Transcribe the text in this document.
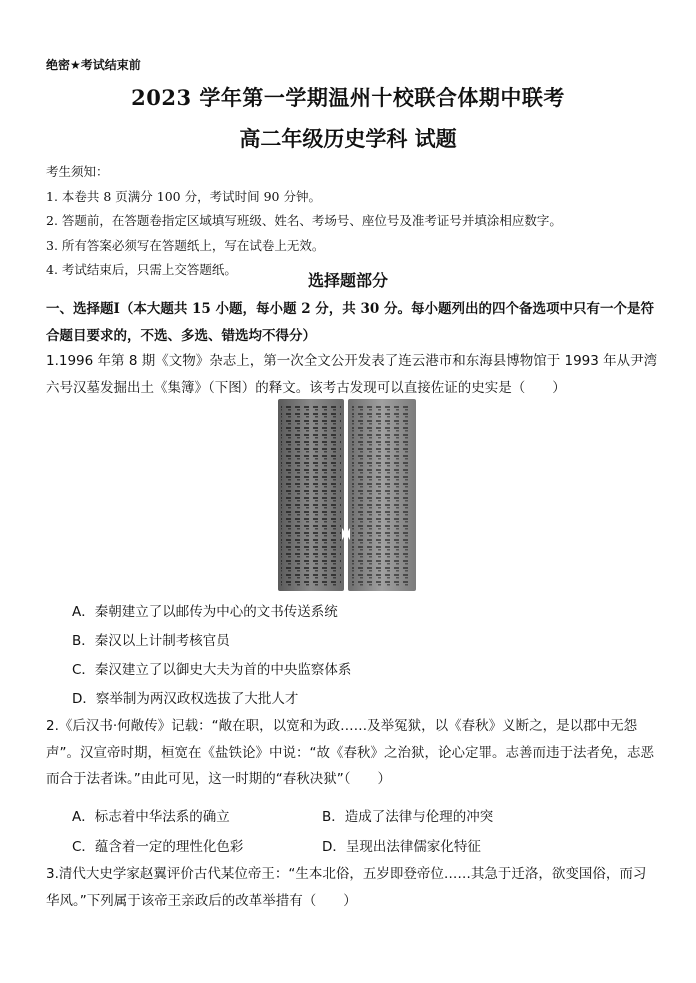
绝密★考试结束前
2023 学年第一学期温州十校联合体期中联考
高二年级历史学科 试题
考生须知：
1. 本卷共 8 页满分 100 分，考试时间 90 分钟。
2. 答题前，在答题卷指定区域填写班级、姓名、考场号、座位号及准考证号并填涂相应数字。
3. 所有答案必须写在答题纸上，写在试卷上无效。
4. 考试结束后，只需上交答题纸。
选择题部分
一、选择题Ⅰ（本大题共 15 小题，每小题 2 分，共 30 分。每小题列出的四个备选项中只有一个是符合题目要求的，不选、多选、错选均不得分）
1.1996 年第 8 期《文物》杂志上，第一次全文公开发表了连云港市和东海县博物馆于 1993 年从尹湾六号汉墓发掘出土《集簿》（下图）的释文。该考古发现可以直接佐证的史实是（　　）
A．秦朝建立了以邮传为中心的文书传送系统
B．秦汉以上计制考核官员
C．秦汉建立了以御史大夫为首的中央监察体系
D．察举制为两汉政权选拔了大批人才
2.《后汉书·何敞传》记载：“敞在职，以宽和为政……及举冤狱，以《春秋》义断之，是以郡中无怨声”。汉宣帝时期，桓宽在《盐铁论》中说：“故《春秋》之治狱，论心定罪。志善而违于法者免，志恶而合于法者诛。”由此可见，这一时期的“春秋决狱”（　　）
A．标志着中华法系的确立	B．造成了法律与伦理的冲突
C．蕴含着一定的理性化色彩	D．呈现出法律儒家化特征
3.清代大史学家赵翼评价古代某位帝王：“生本北俗，五岁即登帝位……其急于迁洛，欲变国俗，而习华风。”下列属于该帝王亲政后的改革举措有（　　）
